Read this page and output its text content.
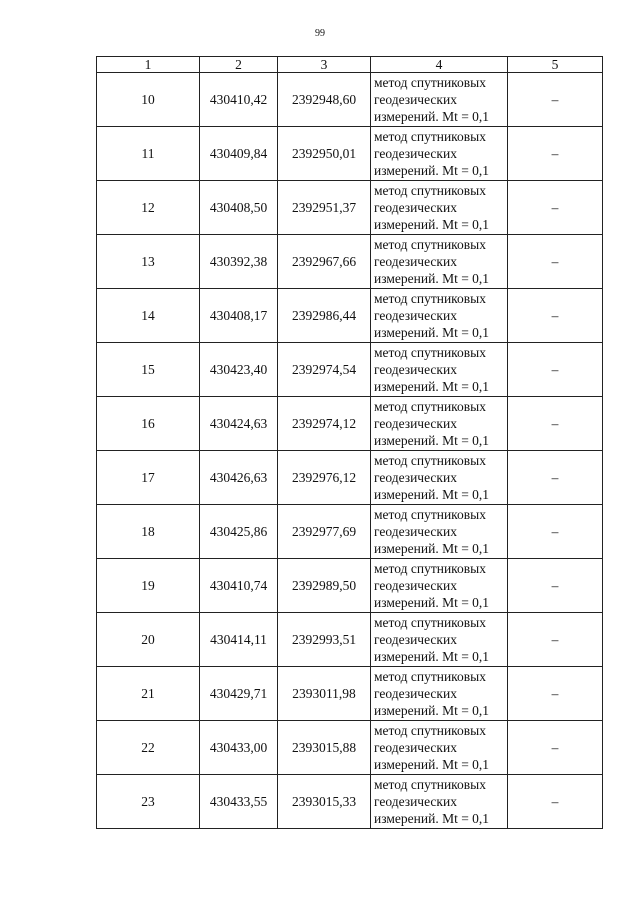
99
1	2	3	4	5
10	430410,42	2392948,60	метод спутниковых
геодезических
измерений. Mt = 0,1	–
11	430409,84	2392950,01	метод спутниковых
геодезических
измерений. Mt = 0,1	–
12	430408,50	2392951,37	метод спутниковых
геодезических
измерений. Mt = 0,1	–
13	430392,38	2392967,66	метод спутниковых
геодезических
измерений. Mt = 0,1	–
14	430408,17	2392986,44	метод спутниковых
геодезических
измерений. Mt = 0,1	–
15	430423,40	2392974,54	метод спутниковых
геодезических
измерений. Mt = 0,1	–
16	430424,63	2392974,12	метод спутниковых
геодезических
измерений. Mt = 0,1	–
17	430426,63	2392976,12	метод спутниковых
геодезических
измерений. Mt = 0,1	–
18	430425,86	2392977,69	метод спутниковых
геодезических
измерений. Mt = 0,1	–
19	430410,74	2392989,50	метод спутниковых
геодезических
измерений. Mt = 0,1	–
20	430414,11	2392993,51	метод спутниковых
геодезических
измерений. Mt = 0,1	–
21	430429,71	2393011,98	метод спутниковых
геодезических
измерений. Mt = 0,1	–
22	430433,00	2393015,88	метод спутниковых
геодезических
измерений. Mt = 0,1	–
23	430433,55	2393015,33	метод спутниковых
геодезических
измерений. Mt = 0,1	–
